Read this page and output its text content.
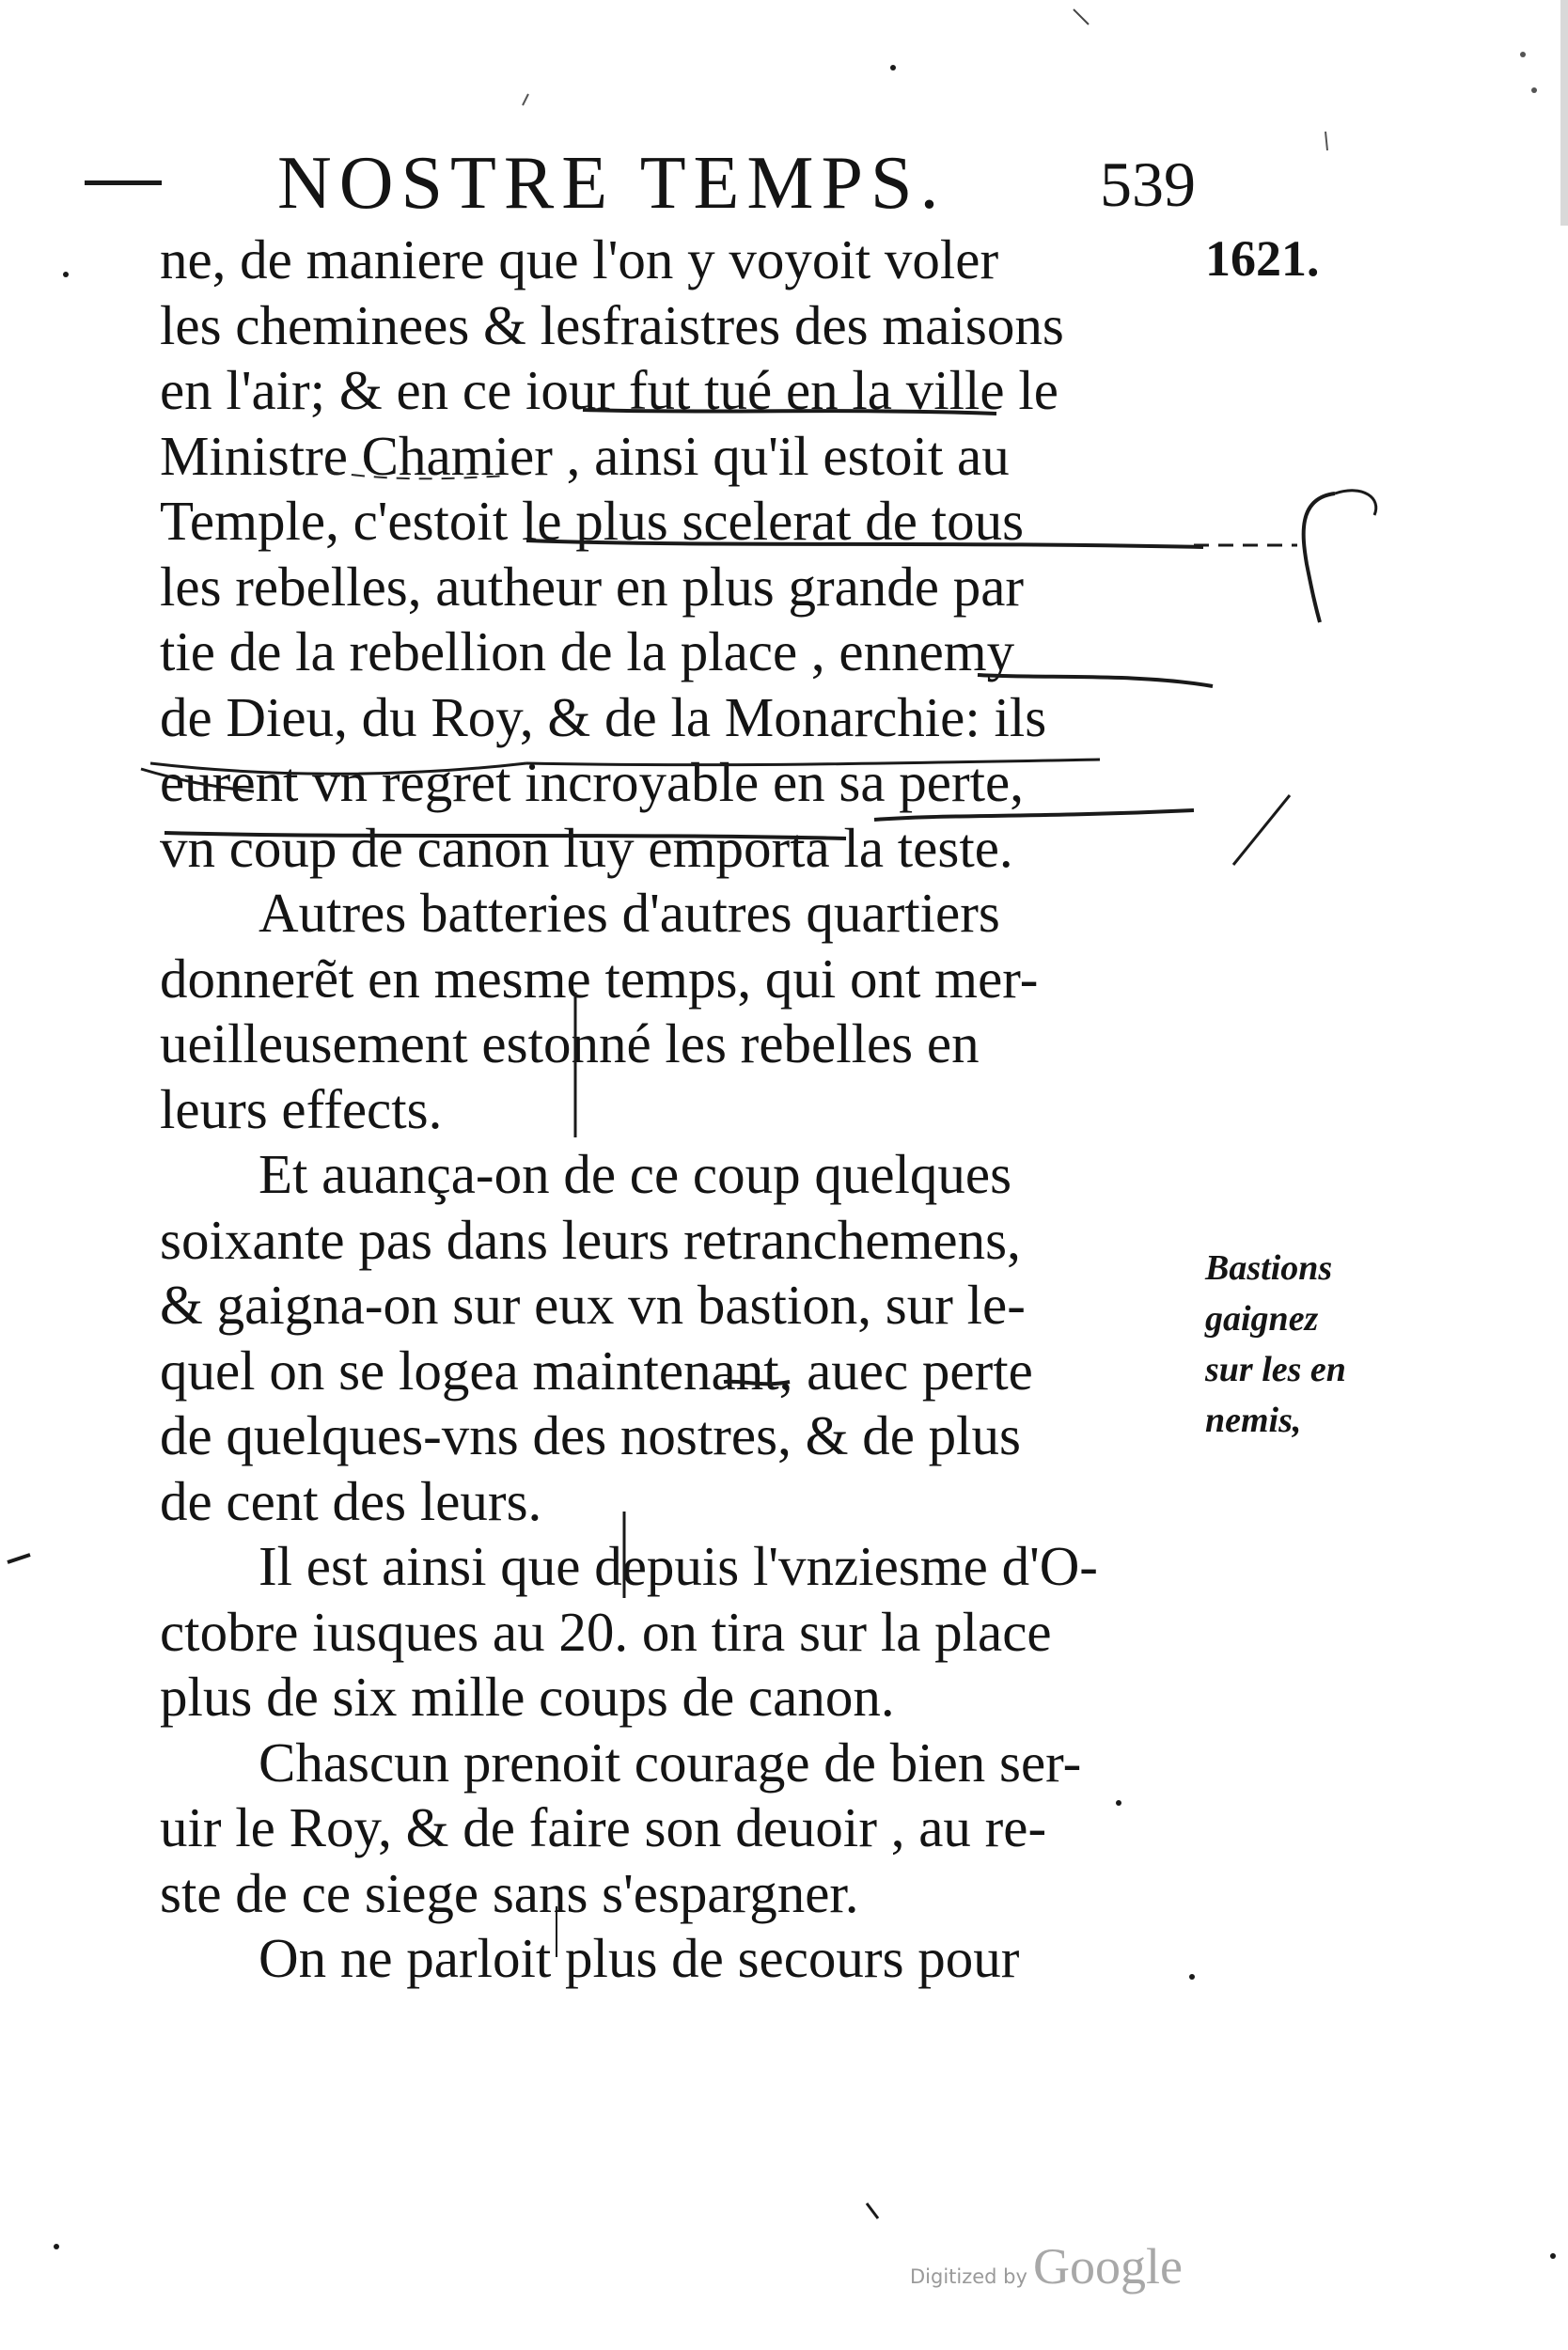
NOSTRE TEMPS. 539
1621.
ne, de maniere que l'on y voyoit voler
les cheminees & lesfraistres des maisons
en l'air; & en ce iour fut tué en la ville le
Ministre Chamier , ainsi qu'il estoit au
Temple, c'estoit le plus scelerat de tous
les rebelles, autheur en plus grande par
tie de la rebellion de la place , ennemy
de Dieu, du Roy, & de la Monarchie: ils
eurent vn regret incroyable en sa perte,
vn coup de canon luy emporta la teste.
Autres batteries d'autres quartiers
donnerẽt en mesme temps, qui ont mer-
ueilleusement estonné les rebelles en
leurs effects.
Et auança-on de ce coup quelques
soixante pas dans leurs retranchemens,
& gaigna-on sur eux vn bastion, sur le-
quel on se logea maintenant, auec perte
de quelques-vns des nostres, & de plus
de cent des leurs.
Il est ainsi que depuis l'vnziesme d'O-
ctobre iusques au 20. on tira sur la place
plus de six mille coups de canon.
Chascun prenoit courage de bien ser-
uir le Roy, & de faire son deuoir , au re-
ste de ce siege sans s'espargner.
On ne parloit plus de secours pour
Bastions
gaignez
sur les en
nemis,
Digitized by Google
